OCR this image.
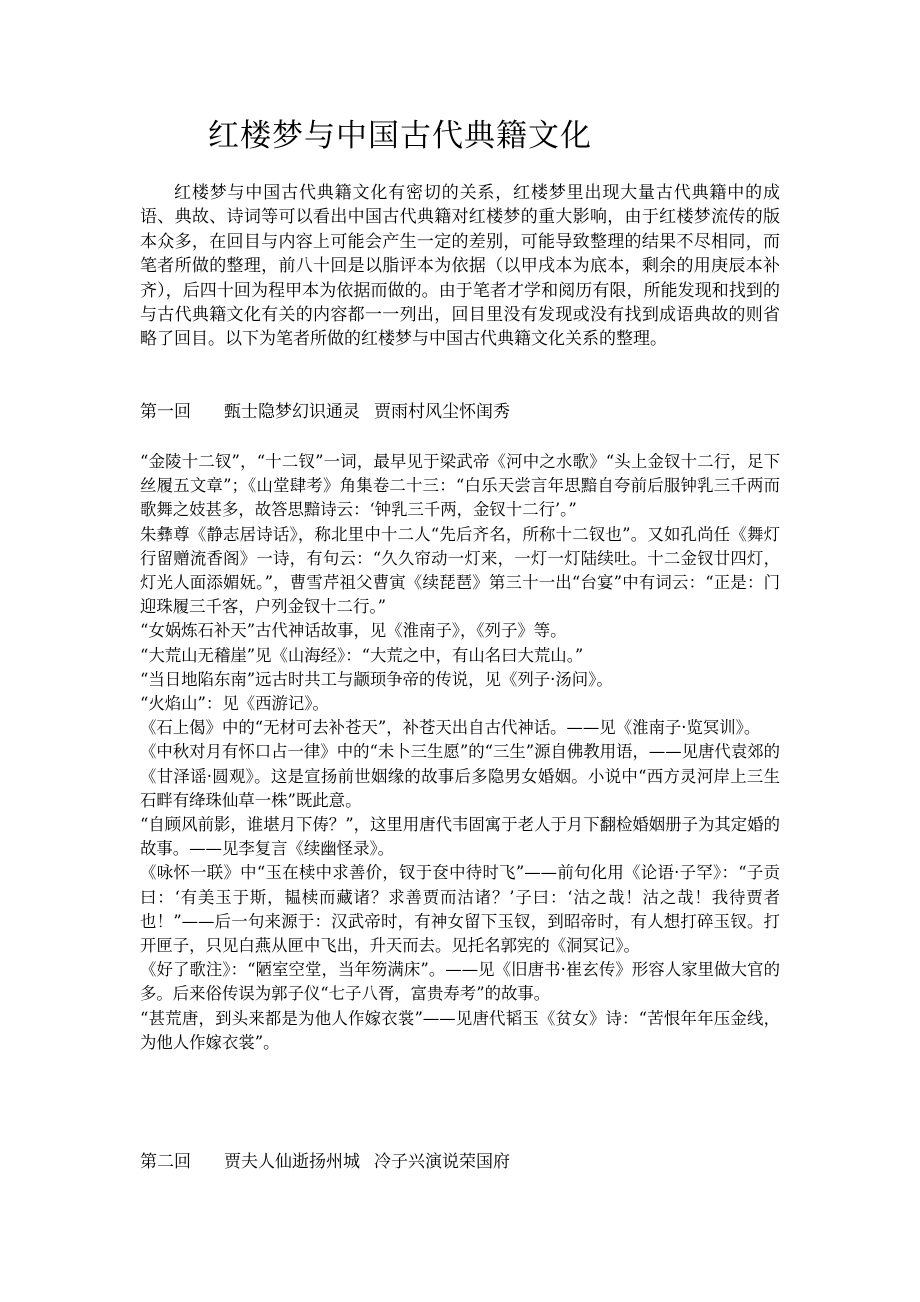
红楼梦与中国古代典籍文化

红楼梦与中国古代典籍文化有密切的关系，红楼梦里出现大量古代典籍中的成语、典故、诗词等可以看出中国古代典籍对红楼梦的重大影响，由于红楼梦流传的版本众多，在回目与内容上可能会产生一定的差别，可能导致整理的结果不尽相同，而笔者所做的整理，前八十回是以脂评本为依据（以甲戌本为底本，剩余的用庚辰本补齐），后四十回为程甲本为依据而做的。由于笔者才学和阅历有限，所能发现和找到的与古代典籍文化有关的内容都一一列出，回目里没有发现或没有找到成语典故的则省略了回目。以下为笔者所做的红楼梦与中国古代典籍文化关系的整理。

第一回 甄士隐梦幻识通灵 贾雨村风尘怀闺秀
“金陵十二钗”，“十二钗”一词，最早见于梁武帝《河中之水歌》“头上金钗十二行，足下丝履五文章”；《山堂肆考》角集卷二十三：“白乐天尝言年思黯自夸前后服钟乳三千两而歌舞之妓甚多，故答思黯诗云：‘钟乳三千两，金钗十二行’。”
朱彝尊《静志居诗话》，称北里中十二人“先后齐名，所称十二钗也”。又如孔尚任《舞灯行留赠流香阁》一诗，有句云：“久久帘动一灯来，一灯一灯陆续吐。十二金钗廿四灯，灯光人面添媚妩。”，曹雪芹祖父曹寅《续琵琶》第三十一出“台宴”中有词云：“正是：门迎珠履三千客，户列金钗十二行。”
“女娲炼石补天”古代神话故事，见《淮南子》，《列子》等。
“大荒山无稽崖”见《山海经》：“大荒之中，有山名曰大荒山。”
“当日地陷东南”远古时共工与颛顼争帝的传说，见《列子·汤问》。
“火焰山”：见《西游记》。
《石上偈》中的“无材可去补苍天”，补苍天出自古代神话。——见《淮南子·览冥训》。
《中秋对月有怀口占一律》中的“未卜三生愿”的“三生”源自佛教用语，——见唐代袁郊的《甘泽谣·圆观》。这是宣扬前世姻缘的故事后多隐男女婚姻。小说中“西方灵河岸上三生石畔有绛珠仙草一株”既此意。
“自顾风前影，谁堪月下俦？”，这里用唐代韦固寓于老人于月下翻检婚姻册子为其定婚的故事。——见李复言《续幽怪录》。
《咏怀一联》中“玉在椟中求善价，钗于奁中待时飞”——前句化用《论语·子罕》：“子贡曰：‘有美玉于斯，韫椟而藏诸？求善贾而沽诸？’子曰：‘沽之哉！沽之哉！我待贾者也！”——后一句来源于：汉武帝时，有神女留下玉钗，到昭帝时，有人想打碎玉钗。打开匣子，只见白燕从匣中飞出，升天而去。见托名郭宪的《洞冥记》。
《好了歌注》：“陋室空堂，当年笏满床”。——见《旧唐书·崔玄传》形容人家里做大官的多。后来俗传误为郭子仪“七子八胥，富贵寿考”的故事。
“甚荒唐，到头来都是为他人作嫁衣裳”——见唐代韬玉《贫女》诗：“苦恨年年压金线，为他人作嫁衣裳”。
第二回 贾夫人仙逝扬州城 冷子兴演说荣国府
